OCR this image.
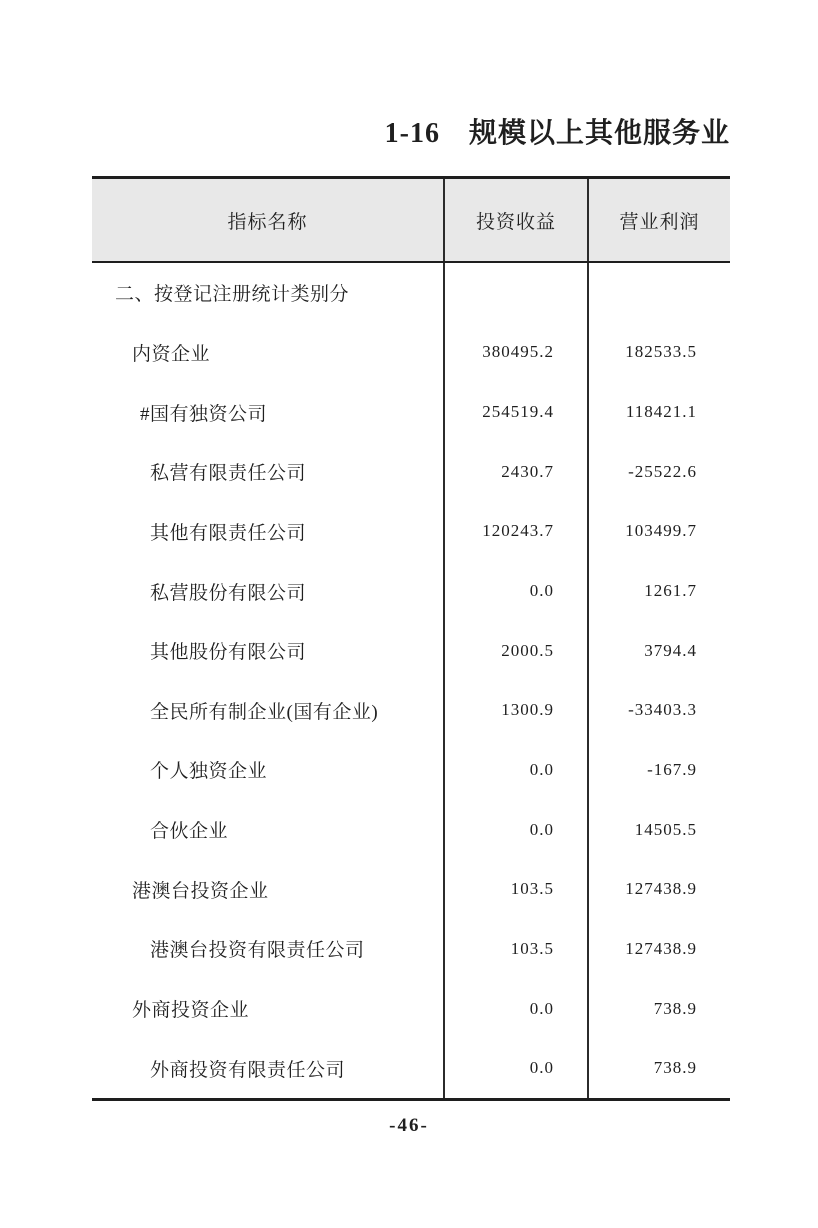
1-16　规模以上其他服务业
指标名称	投资收益	营业利润
二、按登记注册统计类别分
内资企业	380495.2	182533.5
#国有独资公司	254519.4	118421.1
私营有限责任公司	2430.7	-25522.6
其他有限责任公司	120243.7	103499.7
私营股份有限公司	0.0	1261.7
其他股份有限公司	2000.5	3794.4
全民所有制企业(国有企业)	1300.9	-33403.3
个人独资企业	0.0	-167.9
合伙企业	0.0	14505.5
港澳台投资企业	103.5	127438.9
港澳台投资有限责任公司	103.5	127438.9
外商投资企业	0.0	738.9
外商投资有限责任公司	0.0	738.9
-46-
